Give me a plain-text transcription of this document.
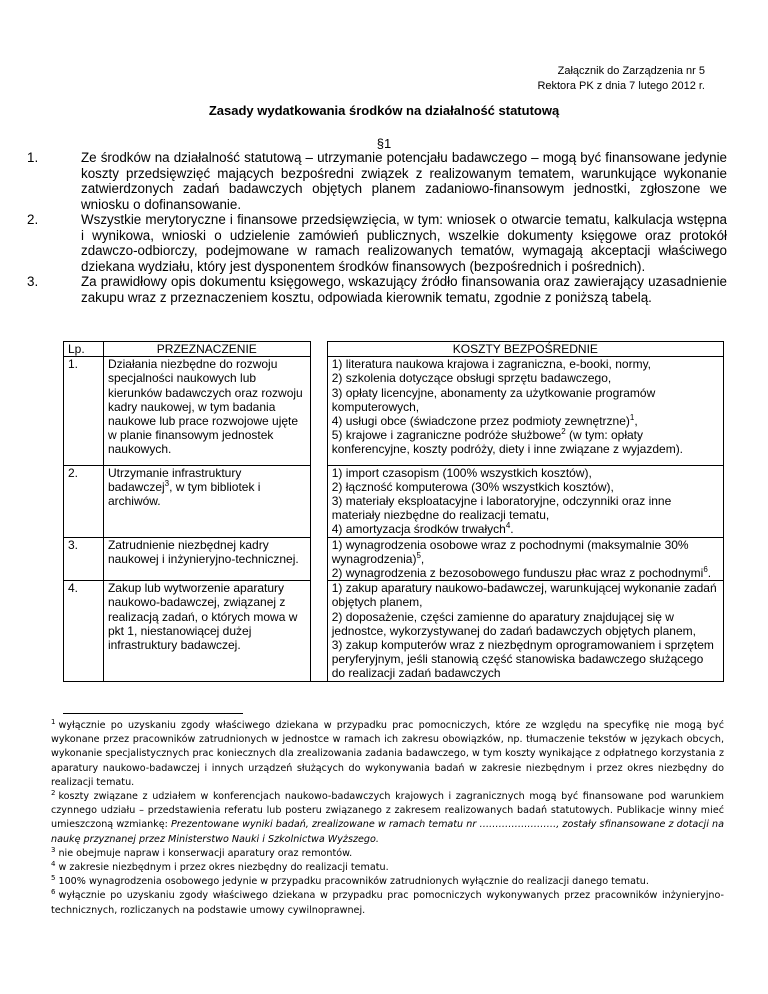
Załącznik do Zarządzenia nr 5
Rektora PK z dnia 7 lutego 2012 r.
Zasady wydatkowania środków na działalność statutową
§1
1.	Ze środków na działalność statutową – utrzymanie potencjału badawczego – mogą być finansowane jedynie koszty przedsięwzięć mających bezpośredni związek z realizowanym tematem, warunkujące wykonanie zatwierdzonych zadań badawczych objętych planem zadaniowo-finansowym jednostki, zgłoszone we wniosku o dofinansowanie.
2.	Wszystkie merytoryczne i finansowe przedsięwzięcia, w tym: wniosek o otwarcie tematu, kalkulacja wstępna i wynikowa, wnioski o udzielenie zamówień publicznych, wszelkie dokumenty księgowe oraz protokół zdawczo-odbiorczy, podejmowane w ramach realizowanych tematów, wymagają akceptacji właściwego dziekana wydziału, który jest dysponentem środków finansowych (bezpośrednich i pośrednich).
3.	Za prawidłowy opis dokumentu księgowego, wskazujący źródło finansowania oraz zawierający uzasadnienie zakupu wraz z przeznaczeniem kosztu, odpowiada kierownik tematu, zgodnie z poniższą tabelą.
Lp.	PRZEZNACZENIE		KOSZTY BEZPOŚREDNIE
1.	Działania niezbędne do rozwoju specjalności naukowych lub kierunków badawczych oraz rozwoju kadry naukowej, w tym badania naukowe lub prace rozwojowe ujęte w planie finansowym jednostek naukowych.		1) literatura naukowa krajowa i zagraniczna, e-booki, normy,
2) szkolenia dotyczące obsługi sprzętu badawczego,
3) opłaty licencyjne, abonamenty za użytkowanie programów komputerowych,
4) usługi obce (świadczone przez podmioty zewnętrzne)$^1$,
5) krajowe i zagraniczne podróże służbowe$^2$ (w tym: opłaty konferencyjne, koszty podróży, diety i inne związane z wyjazdem).

2.	Utrzymanie infrastruktury badawczej$^3$, w tym bibliotek i archiwów.		1) import czasopism (100% wszystkich kosztów),
2) łączność komputerowa (30% wszystkich kosztów),
3) materiały eksploatacyjne i laboratoryjne, odczynniki oraz inne materiały niezbędne do realizacji tematu,
4) amortyzacja środków trwałych$^4$.

3.	Zatrudnienie niezbędnej kadry naukowej i inżynieryjno-technicznej.		1) wynagrodzenia osobowe wraz z pochodnymi (maksymalnie 30% wynagrodzenia)$^5$,
2) wynagrodzenia z bezosobowego funduszu płac wraz z pochodnymi$^6$.

4.	Zakup lub wytworzenie aparatury naukowo-badawczej, związanej z realizacją zadań, o których mowa w pkt 1, niestanowiącej dużej infrastruktury badawczej.		1) zakup aparatury naukowo-badawczej, warunkującej wykonanie zadań objętych planem,
2) doposażenie, części zamienne do aparatury znajdującej się w jednostce, wykorzystywanej do zadań badawczych objętych planem,
3) zakup komputerów wraz z niezbędnym oprogramowaniem i sprzętem peryferyjnym, jeśli stanowią część stanowiska badawczego służącego do realizacji zadań badawczych

$^1$ wyłącznie po uzyskaniu zgody właściwego dziekana w przypadku prac pomocniczych, które ze względu na specyfikę nie mogą być wykonane przez pracowników zatrudnionych w jednostce w ramach ich zakresu obowiązków, np. tłumaczenie tekstów w językach obcych, wykonanie specjalistycznych prac koniecznych dla zrealizowania zadania badawczego, w tym koszty wynikające z odpłatnego korzystania z aparatury naukowo-badawczej i innych urządzeń służących do wykonywania badań w zakresie niezbędnym i przez okres niezbędny do realizacji tematu.

$^2$ koszty związane z udziałem w konferencjach naukowo-badawczych krajowych i zagranicznych mogą być finansowane pod warunkiem czynnego udziału – przedstawienia referatu lub posteru związanego z zakresem realizowanych badań statutowych. Publikacje winny mieć umieszczoną wzmiankę: Prezentowane wyniki badań, zrealizowane w ramach tematu nr ……………………, zostały sfinansowane z dotacji na naukę przyznanej przez Ministerstwo Nauki i Szkolnictwa Wyższego.

$^3$ nie obejmuje napraw i konserwacji aparatury oraz remontów.

$^4$ w zakresie niezbędnym i przez okres niezbędny do realizacji tematu.

$^5$ 100% wynagrodzenia osobowego jedynie w przypadku pracowników zatrudnionych wyłącznie do realizacji danego tematu.

$^6$ wyłącznie po uzyskaniu zgody właściwego dziekana w przypadku prac pomocniczych wykonywanych przez pracowników inżynieryjno-technicznych, rozliczanych na podstawie umowy cywilnoprawnej.
